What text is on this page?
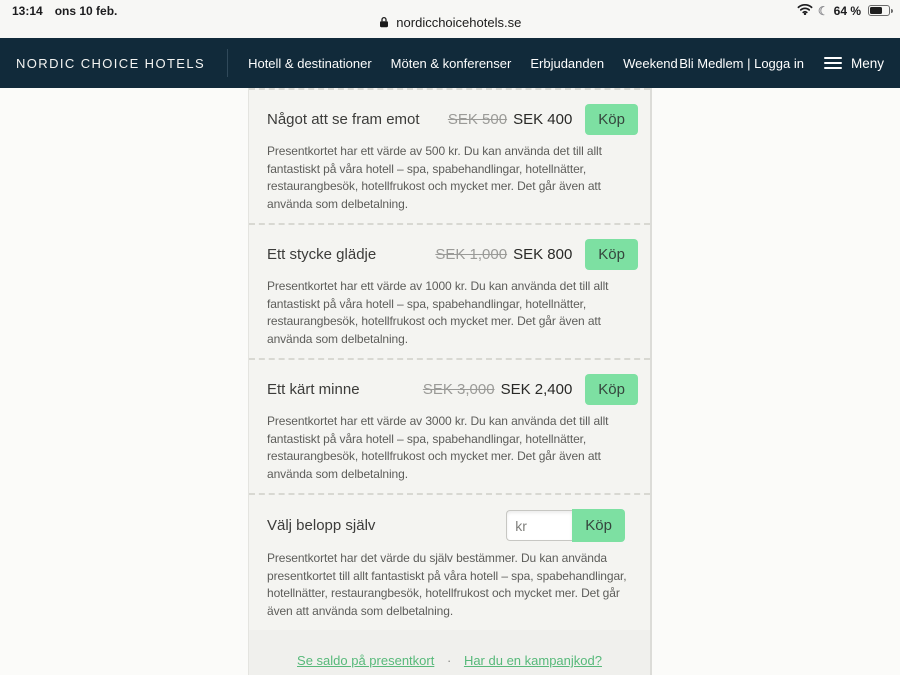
13:14 ons 10 feb.	☾ 64 %
nordicchoicehotels.se
NORDIC CHOICE HOTELS	Hotell & destinationer Möten & konferenser Erbjudanden Weekend Bli Medlem | Logga in	Meny
Något att se fram emot	SEK 500 SEK 400	Köp

Presentkortet har ett värde av 500 kr. Du kan använda det till allt fantastiskt på våra hotell – spa, spabehandlingar, hotellnätter, restaurangbesök, hotellfrukost och mycket mer. Det går även att använda som delbetalning.

Ett stycke glädje	SEK 1,000 SEK 800	Köp

Presentkortet har ett värde av 1000 kr. Du kan använda det till allt fantastiskt på våra hotell – spa, spabehandlingar, hotellnätter, restaurangbesök, hotellfrukost och mycket mer. Det går även att använda som delbetalning.

Ett kärt minne	SEK 3,000 SEK 2,400	Köp

Presentkortet har ett värde av 3000 kr. Du kan använda det till allt fantastiskt på våra hotell – spa, spabehandlingar, hotellnätter, restaurangbesök, hotellfrukost och mycket mer. Det går även att använda som delbetalning.

Välj belopp själv
kr	Köp

Presentkortet har det värde du själv bestämmer. Du kan använda presentkortet till allt fantastiskt på våra hotell – spa, spabehandlingar, hotellnätter, restaurangbesök, hotellfrukost och mycket mer. Det går även att använda som delbetalning.

Se saldo på presentkort · Har du en kampanjkod?
